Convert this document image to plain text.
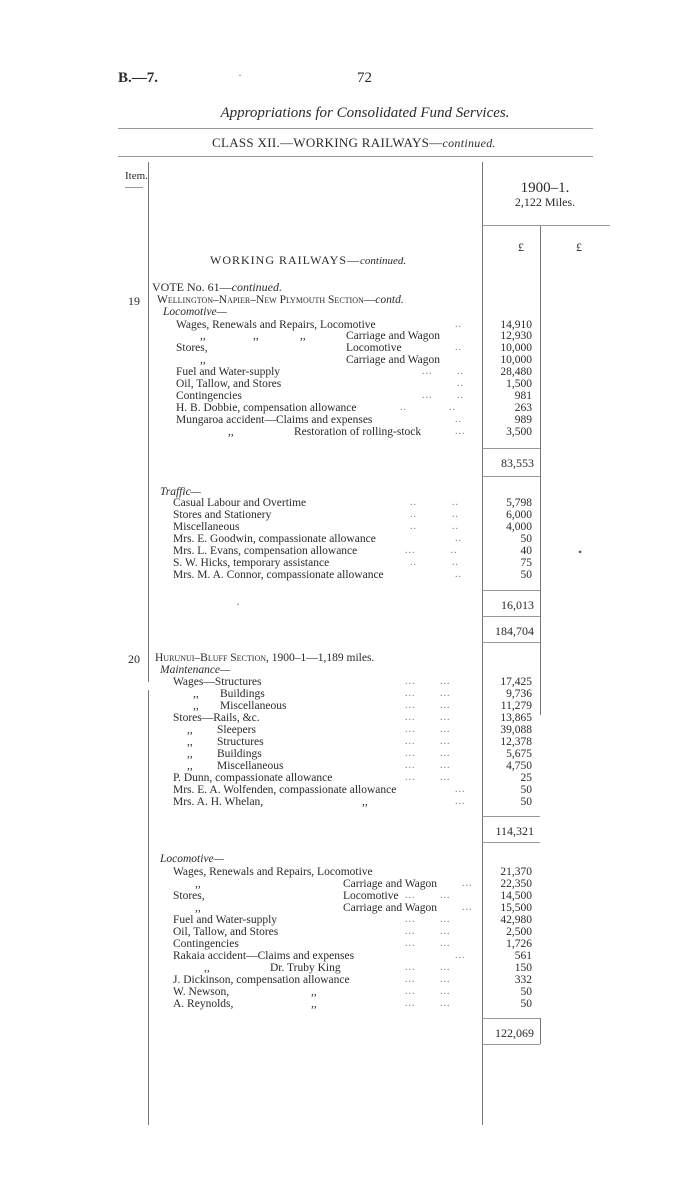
B.—7.	72
Appropriations for Consolidated Fund Services.
CLASS XII.—WORKING RAILWAYS—continued.
Item.
1900–1.
2,122 Miles.
£	£
WORKING RAILWAYS—continued.
VOTE No. 61—continued.
19 Wellington–Napier–New Plymouth Section—contd.
Locomotive—
Wages, Renewals and Repairs, Locomotive	14,910
,,	,,	,,	Carriage and Wagon	12,930
Stores,	Locomotive	10,000
,,	Carriage and Wagon	10,000
Fuel and Water-supply	28,480
Oil, Tallow, and Stores	1,500
Contingencies	981
H. B. Dobbie, compensation allowance	263
Mungaroa accident—Claims and expenses	989
,,	Restoration of rolling-stock	3,500
83,553
Traffic—
Casual Labour and Overtime	5,798
Stores and Stationery	6,000
Miscellaneous	4,000
Mrs. E. Goodwin, compassionate allowance	50
Mrs. L. Evans, compensation allowance	40
S. W. Hicks, temporary assistance	75
Mrs. M. A. Connor, compassionate allowance	50
16,013
184,704
20 Hurunui–Bluff Section, 1900–1—1,189 miles.
Maintenance—
Wages—Structures	17,425
,, Buildings	9,736
,, Miscellaneous	11,279
Stores—Rails, &c.	13,865
,, Sleepers	39,088
,, Structures	12,378
,, Buildings	5,675
,, Miscellaneous	4,750
P. Dunn, compassionate allowance	25
Mrs. E. A. Wolfenden, compassionate allowance	50
Mrs. A. H. Whelan,	,,	50
114,321
Locomotive—
Wages, Renewals and Repairs, Locomotive	21,370
,,	Carriage and Wagon	22,350
Stores,	Locomotive	14,500
,,	Carriage and Wagon	15,500
Fuel and Water-supply	42,980
Oil, Tallow, and Stores	2,500
Contingencies	1,726
Rakaia accident—Claims and expenses	561
,,	Dr. Truby King	150
J. Dickinson, compensation allowance	332
W. Newson,	,,	50
A. Reynolds,	,,	50
122,069
..
..
...       ..
..
...       ..
..            ..
..
...
..          ..
..          ..
..          ..
..
...          ..
..          ..
..
...       ...
...       ...
...       ...
...       ...
...       ...
...       ...
...       ...
...       ...
...       ...
...
...
...
...       ...
...
...       ...
...       ...
...       ...
...
...       ...
...       ...
...       ...
...       ...
·
•
·
